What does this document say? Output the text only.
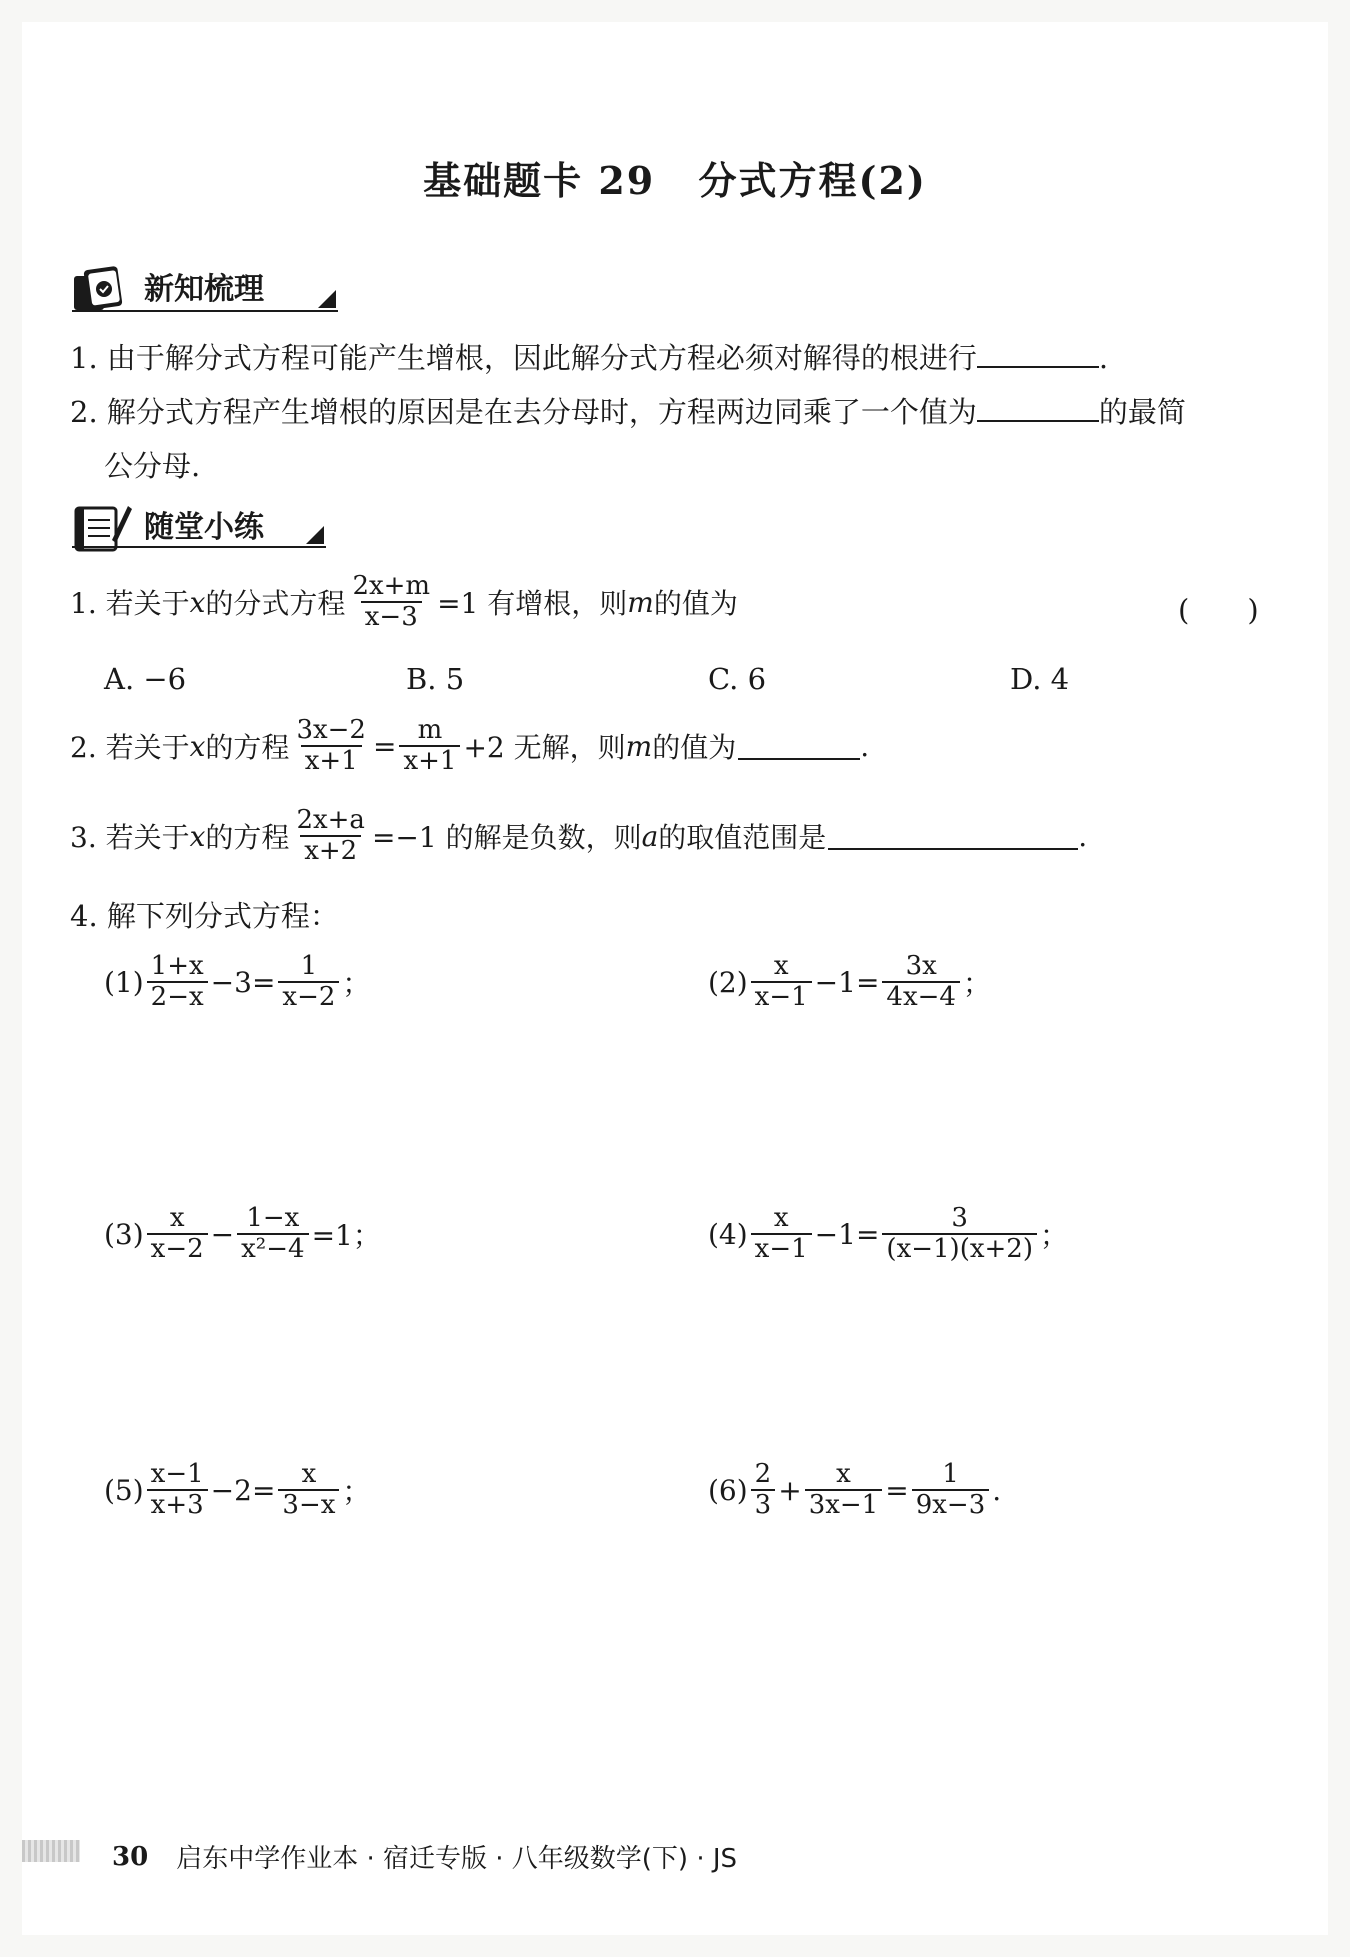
基础题卡 29 分式方程(2)
新知梳理
1. 由于解分式方程可能产生增根，因此解分式方程必须对解得的根进行	.
2. 解分式方程产生增根的原因是在去分母时，方程两边同乘了一个值为	的最简
公分母.
随堂小练
1. 若关于 x 的分式方程 $\frac{2x+m}{x-3} =1$ 有增根，则 m 的值为	(　　)
A. −6	B. 5	C. 6	D. 4
2. 若关于 x 的方程 $\frac{3x-2}{x+1} = \frac{m}{x+1} +2$ 无解，则 m 的值为	.
3. 若关于 x 的方程 $\frac{2x+a}{x+2} =-1$ 的解是负数，则 a 的取值范围是	.
4. 解下列分式方程：
$(1) \frac{1+x}{2-x} -3= \frac{1}{x-2}$ ；	$(2) \frac{x}{x-1} -1= \frac{3x}{4x-4}$ ；
$(3) \frac{x}{x-2} - \frac{1-x}{\text{x²−4}} =1$；	$(4) \frac{x}{x-1} -1= \frac{3}{(x-1)(x+2)}$ ；
$(5) \frac{x-1}{x+3} -2= \frac{x}{3-x}$ ；	$(6) \frac{2}{3} + \frac{x}{3x-1} = \frac{1}{9x-3}$ .
30 启东中学作业本 · 宿迁专版 · 八年级数学(下) · JS
